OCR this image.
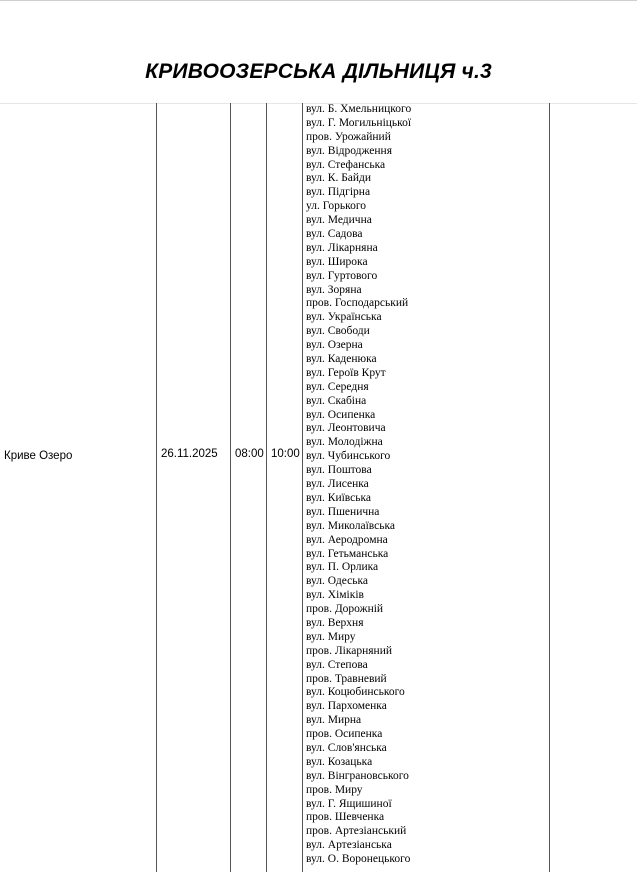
КРИВООЗЕРСЬКА ДІЛЬНИЦЯ ч.3
Криве Озеро	26.11.2025 08:00 10:00
вул. Б. Хмельницкого
вул. Г. Могильніцької
пров. Урожайний
вул. Відродження
вул. Стефанська
вул. К. Байди
вул. Підгірна
ул. Горького
вул. Медична
вул. Садова
вул. Лікарняна
вул. Широка
вул. Гуртового
вул. Зоряна
пров. Господарський
вул. Українська
вул. Свободи
вул. Озерна
вул. Каденюка
вул. Героїв Крут
вул. Середня
вул. Скабіна
вул. Осипенка
вул. Леонтовича
вул. Молодіжна
вул. Чубинського
вул. Поштова
вул. Лисенка
вул. Київська
вул. Пшенична
вул. Миколаївська
вул. Аеродромна
вул. Гетьманська
вул. П. Орлика
вул. Одеська
вул. Хіміків
пров. Дорожній
вул. Верхня
вул. Миру
пров. Лікарняний
вул. Степова
пров. Травневий
вул. Коцюбинського
вул. Пархоменка
вул. Мирна
пров. Осипенка
вул. Слов'янська
вул. Козацька
вул. Вінграновського
пров. Миру
вул. Г. Ящишиної
пров. Шевченка
пров. Артезіанський
вул. Артезіанська
вул. О. Воронецького
